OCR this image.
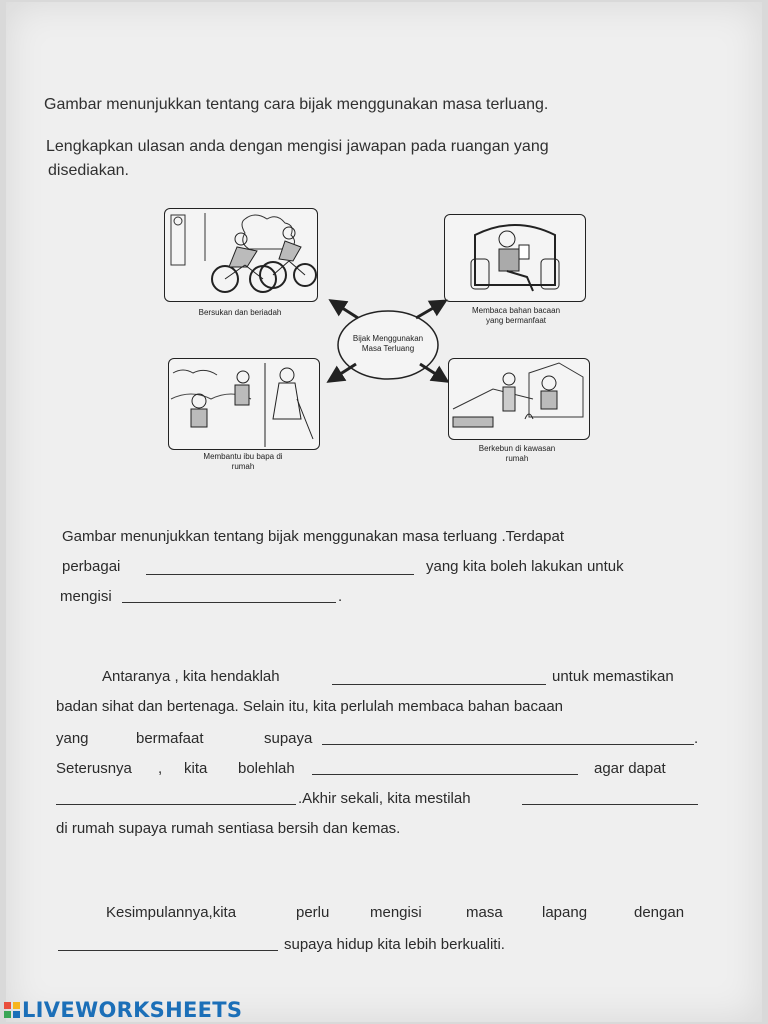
Gambar menunjukkan tentang cara bijak menggunakan masa terluang.
Lengkapkan ulasan anda dengan mengisi jawapan pada ruangan yang
disediakan.
Bersukan dan beriadah	Membaca bahan bacaan
yang bermanfaat
Bijak Menggunakan
Masa Terluang
Membantu ibu bapa di
rumah
Berkebun di kawasan
rumah
Gambar menunjukkan tentang bijak menggunakan masa terluang .Terdapat
perbagai	yang kita boleh lakukan untuk
mengisi	.
Antaranya , kita hendaklah	untuk memastikan
badan sihat dan bertenaga. Selain itu, kita perlulah membaca bahan bacaan
yang	bermafaat	supaya	.
Seterusnya , kita bolehlah	agar dapat
.Akhir sekali, kita mestilah
di rumah supaya rumah sentiasa bersih dan kemas.
Kesimpulannya,kita	perlu	mengisi	masa	lapang	dengan
supaya hidup kita lebih berkualiti.
LIVEWORKSHEETS
